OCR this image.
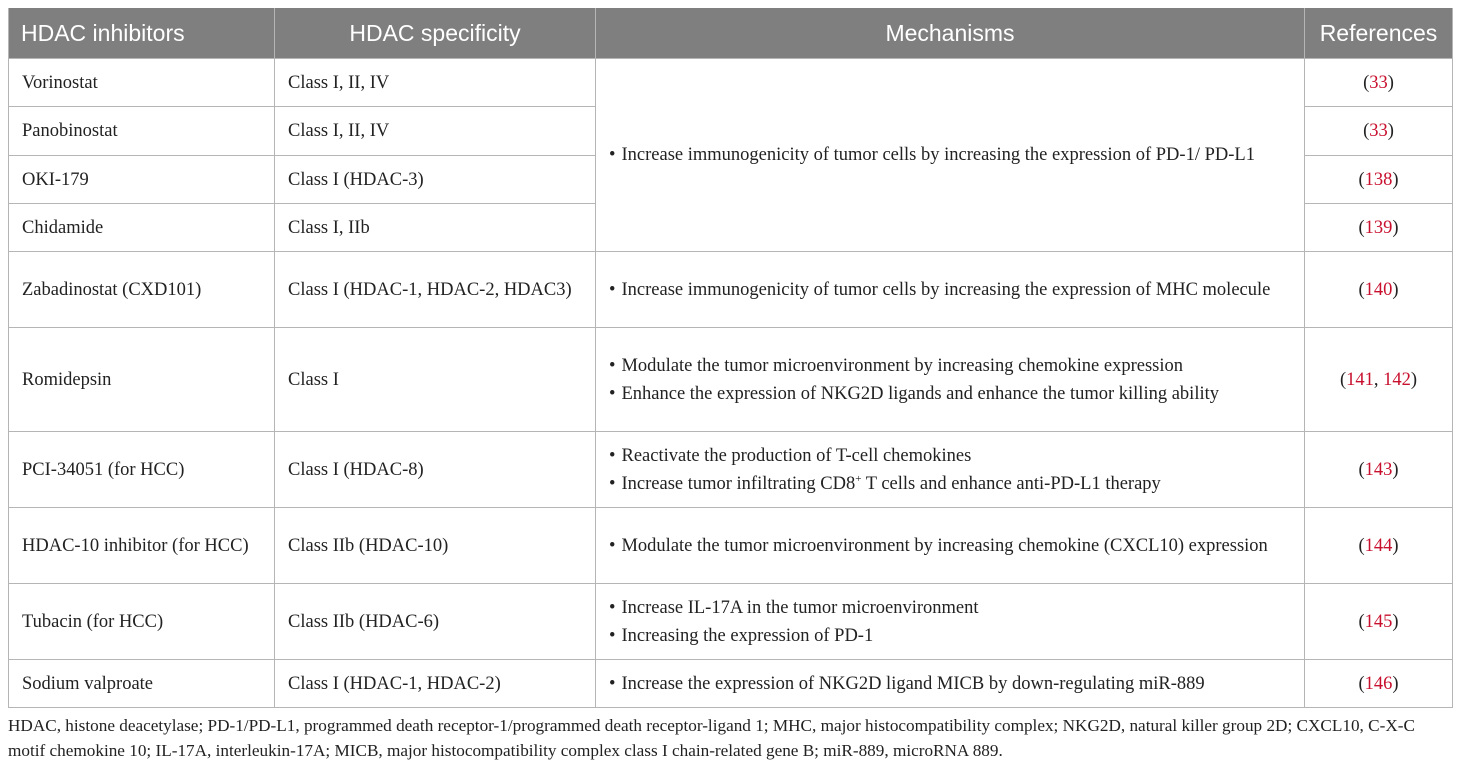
HDAC inhibitors	HDAC specificity	Mechanisms	References
Vorinostat	Class I, II, IV	• Increase immunogenicity of tumor cells by increasing the expression of PD-1/ PD-L1	(33)
Panobinostat	Class I, II, IV		(33)
OKI-179	Class I (HDAC-3)		(138)
Chidamide	Class I, IIb		(139)
Zabadinostat (CXD101)	Class I (HDAC-1, HDAC-2, HDAC3)	• Increase immunogenicity of tumor cells by increasing the expression of MHC molecule	(140)
Romidepsin	Class I	• Modulate the tumor microenvironment by increasing chemokine expression
• Enhance the expression of NKG2D ligands and enhance the tumor killing ability	(141, 142)
PCI-34051 (for HCC)	Class I (HDAC-8)	• Reactivate the production of T-cell chemokines
• Increase tumor infiltrating CD8+ T cells and enhance anti-PD-L1 therapy	(143)
HDAC-10 inhibitor (for HCC)	Class IIb (HDAC-10)	• Modulate the tumor microenvironment by increasing chemokine (CXCL10) expression	(144)
Tubacin (for HCC)	Class IIb (HDAC-6)	• Increase IL-17A in the tumor microenvironment
• Increasing the expression of PD-1	(145)
Sodium valproate	Class I (HDAC-1, HDAC-2)	• Increase the expression of NKG2D ligand MICB by down-regulating miR-889	(146)
HDAC, histone deacetylase; PD-1/PD-L1, programmed death receptor-1/programmed death receptor-ligand 1; MHC, major histocompatibility complex; NKG2D, natural killer group 2D; CXCL10, C-X-C motif chemokine 10; IL-17A, interleukin-17A; MICB, major histocompatibility complex class I chain-related gene B; miR-889, microRNA 889.
